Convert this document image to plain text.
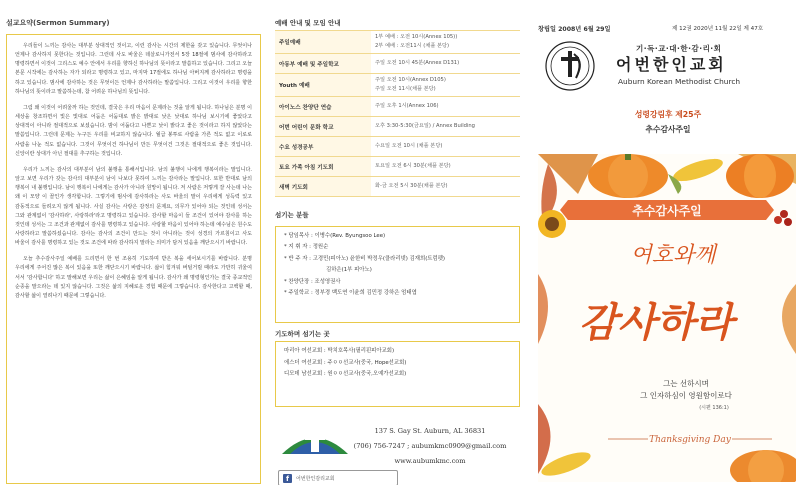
설교요약(Sermon Summary)

우리들이 느끼는 감사는 대부분 상대적인 것이고, 이런 감사는 시간의 제한을 갖고 있습니다. 무엇이나 언제나 감사하지 못한다는 것입니다. 그런데 사도 바울은 데살로니가전서 5장 18절에 범사에 감사하라고 명령하면서 이것이 그리스도 예수 안에서 우리를 향하신 하나님의 뜻이라고 말씀하고 있습니다. 그리고 오늘 본문 시작에는 감사하는 자가 되라고 명령하고 있고, 마지막 17절에도 하나님 아버지께 감사하라고 명령을 하고 있습니다. 범사에 감사하는 것은 무엇이든 언제나 감사하라는 말씀입니다. 그리고 이것이 우리를 향한 하나님의 뜻이라고 말씀하는데, 참 어려운 하나님의 뜻입니다.

그럼 왜 이것이 어려울까 하는 것인데, 결국은 우리 마음이 문제라는 것을 알게 됩니다. 하나님은 분명 이 세상을 창조하면서 빛은 빛대로 어둠은 어둠대로 밝은 밝대로 낮은 낮대로 하나님 보시기에 좋았다고 상대적이 아니라 절대적으로 보셨습니다. 밤이 어둡다고 나쁜고 낮이 밝다고 좋은 것이라고 하지 않았다는 말씀입니다. 그런데 문제는 누구든 우리를 비교하지 않습니다. 월급 봉투로 사람을 가른 적도 없고 이로로 사람을 나눈 적도 없습니다. 그것이 무엇이건 하나님이 만든 무엇이건 그것은 절대적으로 좋은 것입니다. 신앙이란 상대가 아닌 절대를 추구하는 것입니다.

우리가 느끼는 감사의 대부분이 남의 불행을 통해서입니다. 남의 불행이 나에게 행복이라는 말입니다. 앞고 보면 우리가 갖는 감사의 대부분이 남이 나보다 못하여 느끼는 감사라는 말입니다. 또한 반대로 남의 행복이 내 불행입니다. 남이 행복이 나에게는 감사가 아니라 원망이 됩니다. 저 사람은 저렇게 잘 사는데 나는 왜 이 모양 이 꼴인가 생각합니다. 그렇기에 범사에 감사하라는 사도 바울의 말이 우리에게 성득력 있고 감동적으로 들려오지 않게 됩니다. 사실 감사는 사랑은 감정의 문제요, 의무가 있어야 되는 것인데 성서는 그와 관계없이 '감사하라', 사랑하라'라고 명령하고 있습니다. 감사할 마음이 들 조건이 있어야 감사를 하는 것인데 성서는 그 조건과 관계없이 감사를 명령하고 있습니다. 사랑할 마음이 있어야 하는데 예수님은 원수도 사랑하라고 말씀하셨습니다. 감사는 감사의 조건이 만드는 것이 아니라는 것이 성경의 가르침이고 사도 바울이 감사를 명령하고 있는 것도 조건에 따라 감사하지 말라는 의미가 담겨 있음을 깨닫으시기 바랍니다.

오늘 추수감사주일 예배를 드리면서 한 번 조용히 기도하며 받은 복을 세어보시기를 바랍니다. 분명 우리에게 주어진 많은 복이 있음을 또한 깨닫으시기 바랍니다. 삶이 힘겨워 버틸거릴 때라도 가만히 귀울여 서서 '감사합니다' 하고 말해보면 우리는 삶이 은혜임을 알게 됩니다. 감사가 왜 명령형인가는 결국 종교적인 순종을 말으라는 데 있지 않습니다. 그것은 삶의 지혜로운 경험 때문에 그렇습니다. 감사한다고 고백할 때, 감사할 삶이 열려나기 때문에 그렇습니다.

예배 안내 및 모임 안내
주일예배	1부 예배 : 오전 10시(Annex 105))
2부 예배 : 오전11시 (채플 본당)

아동부 예배 및 주일학교	주일 오전 10시 45분(Annex D131)

Youth 예배	주일 오전 10시(Annex D105)
주일 오전 11시(채플 본당)

아이노스 찬양단 연습	주일 오후 1시(Annex 106)

어번 어린이 문화 학교	오후 3:30-5:30(금요일) / Annex Building

수요 성경공부	수요일 오전 10시 (채플 본당)

토요 가족 아침 기도회	토요일 오전 6시 30분(채플 본당)

새벽 기도회	화-금 오전 5시 30분(채플 본당)
섬기는 분들
* 담임목사 : 이병수(Rev. Byungsoo Lee)
* 지 휘 자 : 정원순
* 반 주 자 : 고경민(피아노) 윤한비 박정우(클라리넷) 김재희(트럼펫)
김하은(1부 피아노)
* 찬양단장 : 조성영권사
* 주일학교 : 정부경 백도연 이윤희 김민정 강하은 엄태엽
기도하며 섬기는 곳
마리아 여선교회 : 박치호목사(필리핀피아교회)
에스더 여선교회 : 주ㅇㅇ선교사(중국, Hope선교회)
디모데 남선교회 : 원ㅇㅇ선교사(중국,오예가선교회)
137 S. Gay St. Auburn, AL 36831
(706) 756-7247 ; aubumkmc0909@gmail.com
www.aubumkmc.com
f	어번한인감리교회
창립일 2008년 6월 29일	제 12권 2020년 11월 22일 제 47호
기·독·교·대·한·감·리·회
어번한인교회
Auburn Korean Methodist Church
성령강림후 제25주
추수감사주일
추수감사주일
여호와께
감사하라
그는 선하시며
그 인자하심이 영원함이로다
(시편 136:1)
Thanksgiving Day
